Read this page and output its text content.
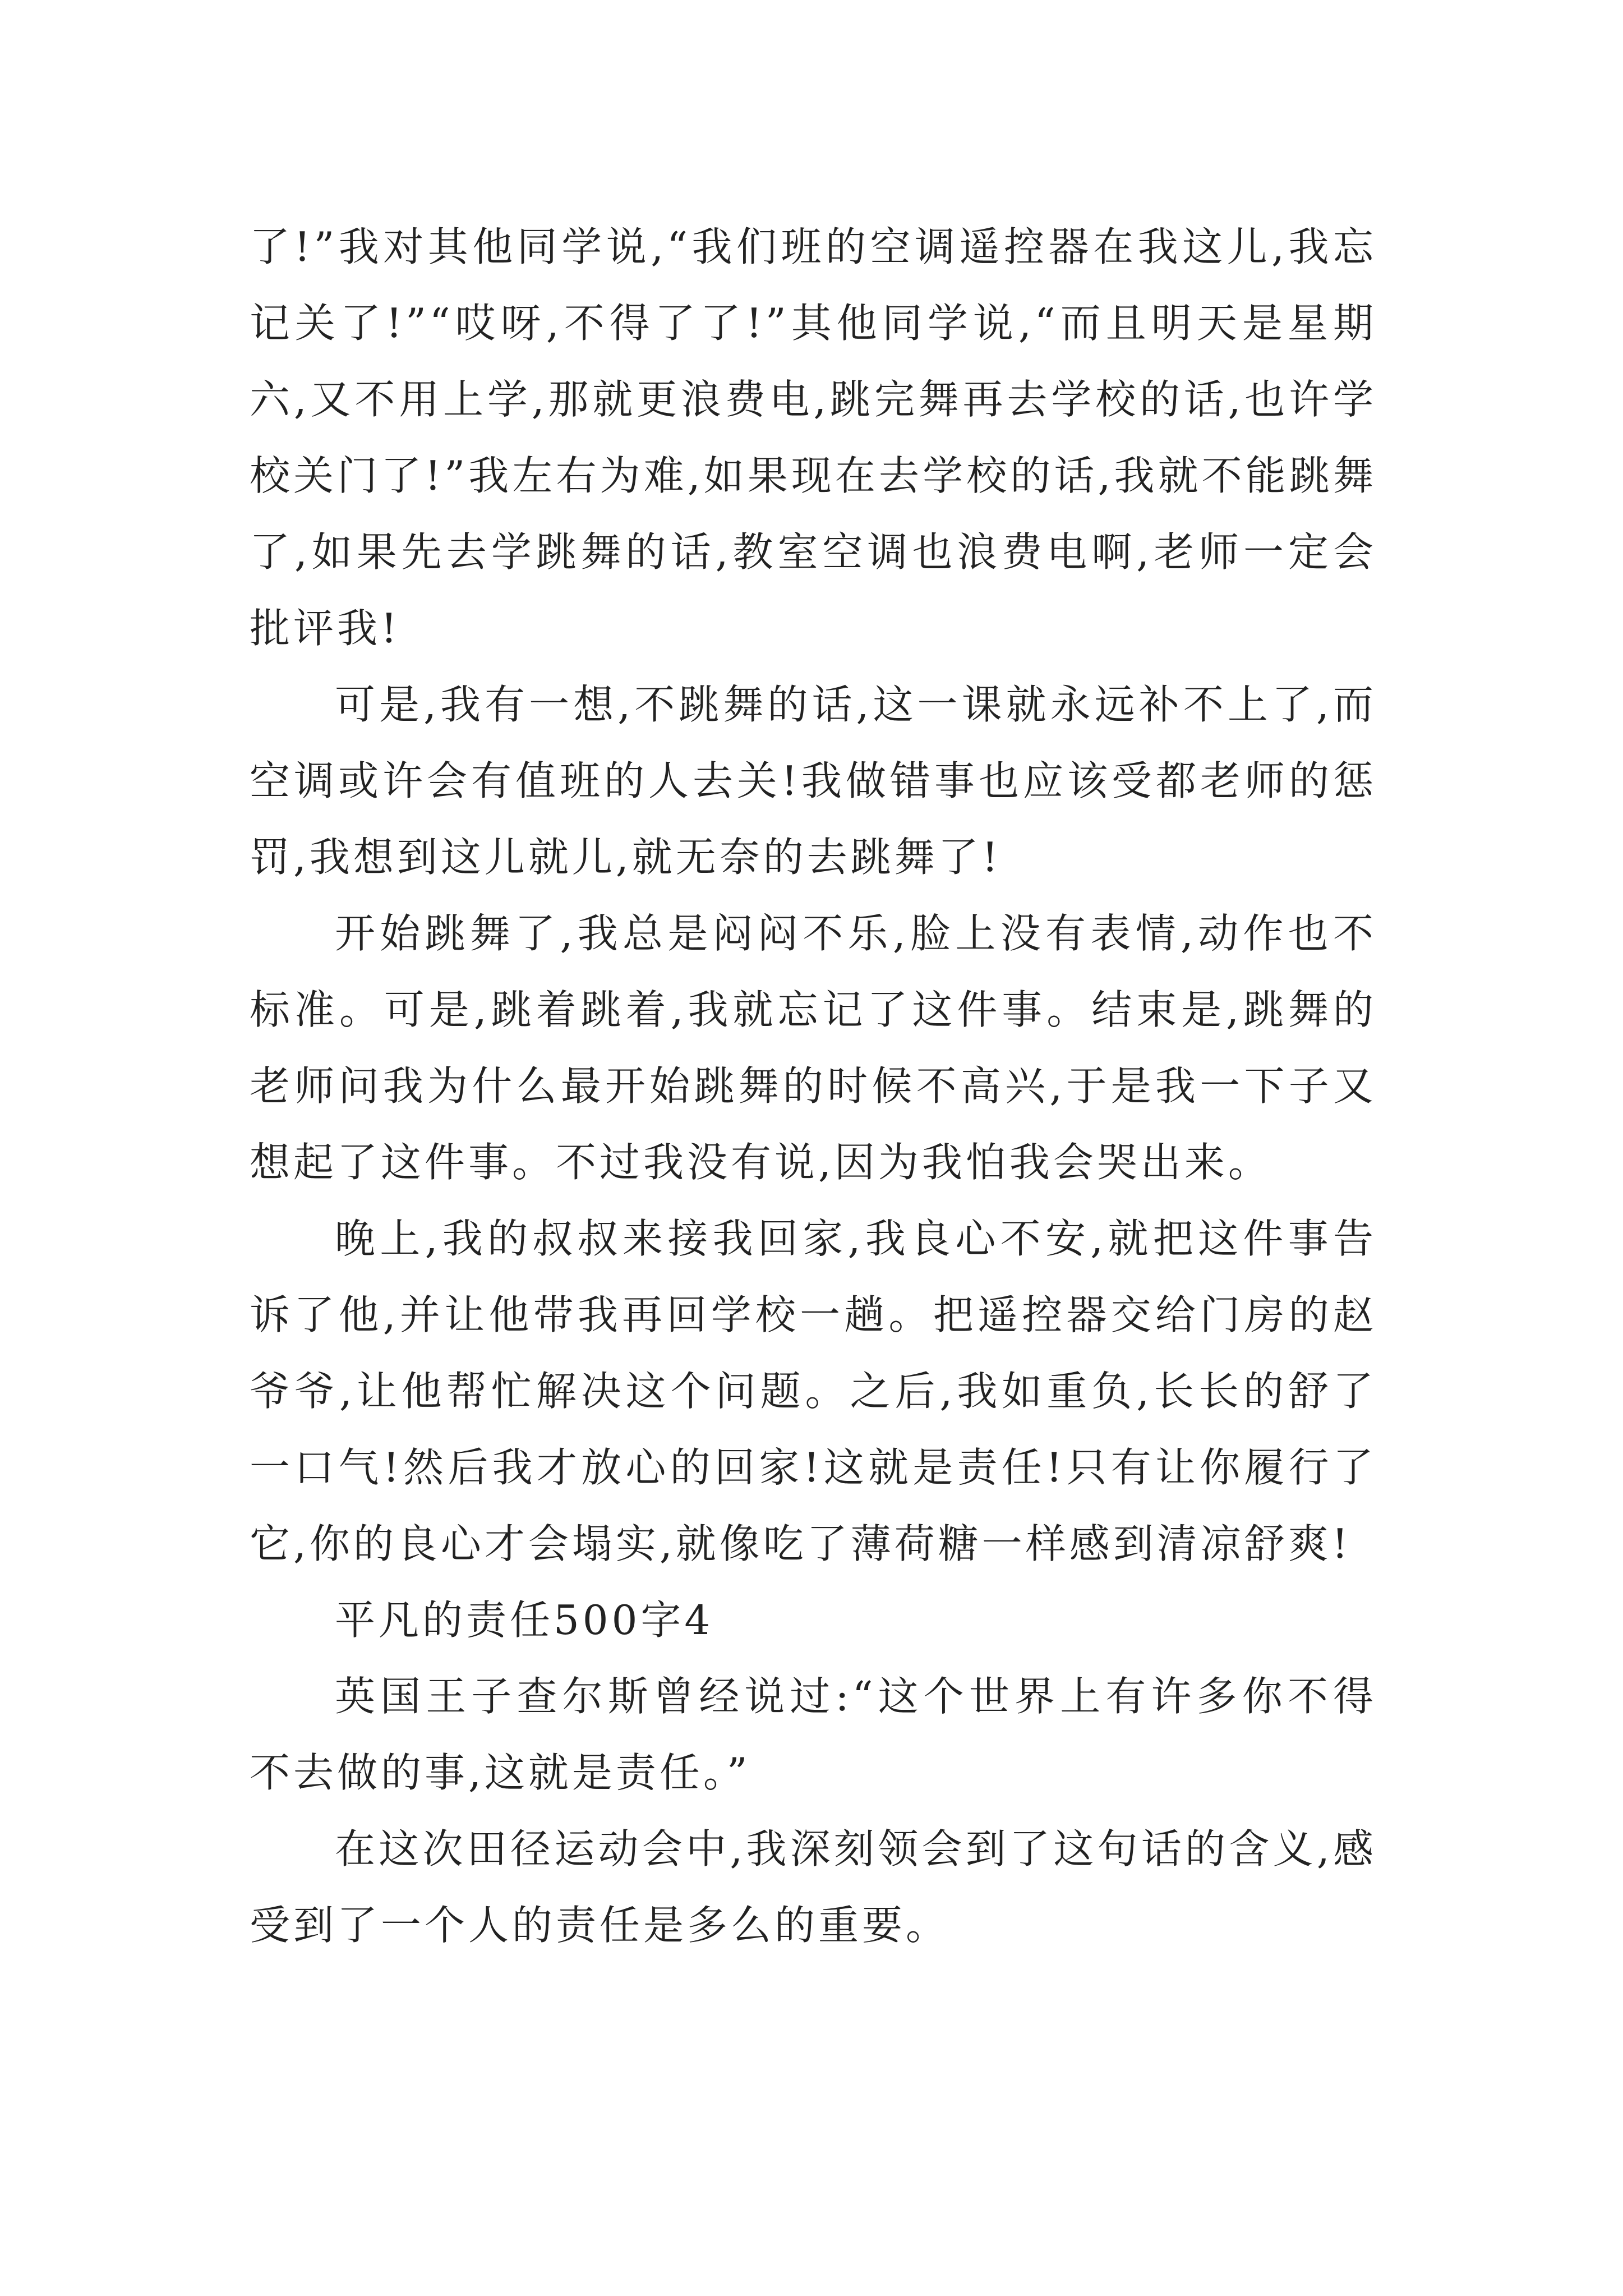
了!”我对其他同学说,“我们班的空调遥控器在我这儿,我忘记关了!”“哎呀,不得了了!”其他同学说,“而且明天是星期六,又不用上学,那就更浪费电,跳完舞再去学校的话,也许学校关门了!”我左右为难,如果现在去学校的话,我就不能跳舞了,如果先去学跳舞的话,教室空调也浪费电啊,老师一定会批评我!

可是,我有一想,不跳舞的话,这一课就永远补不上了,而空调或许会有值班的人去关!我做错事也应该受都老师的惩罚,我想到这儿就儿,就无奈的去跳舞了!

开始跳舞了,我总是闷闷不乐,脸上没有表情,动作也不标准。可是,跳着跳着,我就忘记了这件事。结束是,跳舞的老师问我为什么最开始跳舞的时候不高兴,于是我一下子又想起了这件事。不过我没有说,因为我怕我会哭出来。

晚上,我的叔叔来接我回家,我良心不安,就把这件事告诉了他,并让他带我再回学校一趟。把遥控器交给门房的赵爷爷,让他帮忙解决这个问题。之后,我如重负,长长的舒了一口气!然后我才放心的回家!这就是责任!只有让你履行了它,你的良心才会塌实,就像吃了薄荷糖一样感到清凉舒爽!

平凡的责任500字4

英国王子查尔斯曾经说过:“这个世界上有许多你不得不去做的事,这就是责任。”

在这次田径运动会中,我深刻领会到了这句话的含义,感受到了一个人的责任是多么的重要。
